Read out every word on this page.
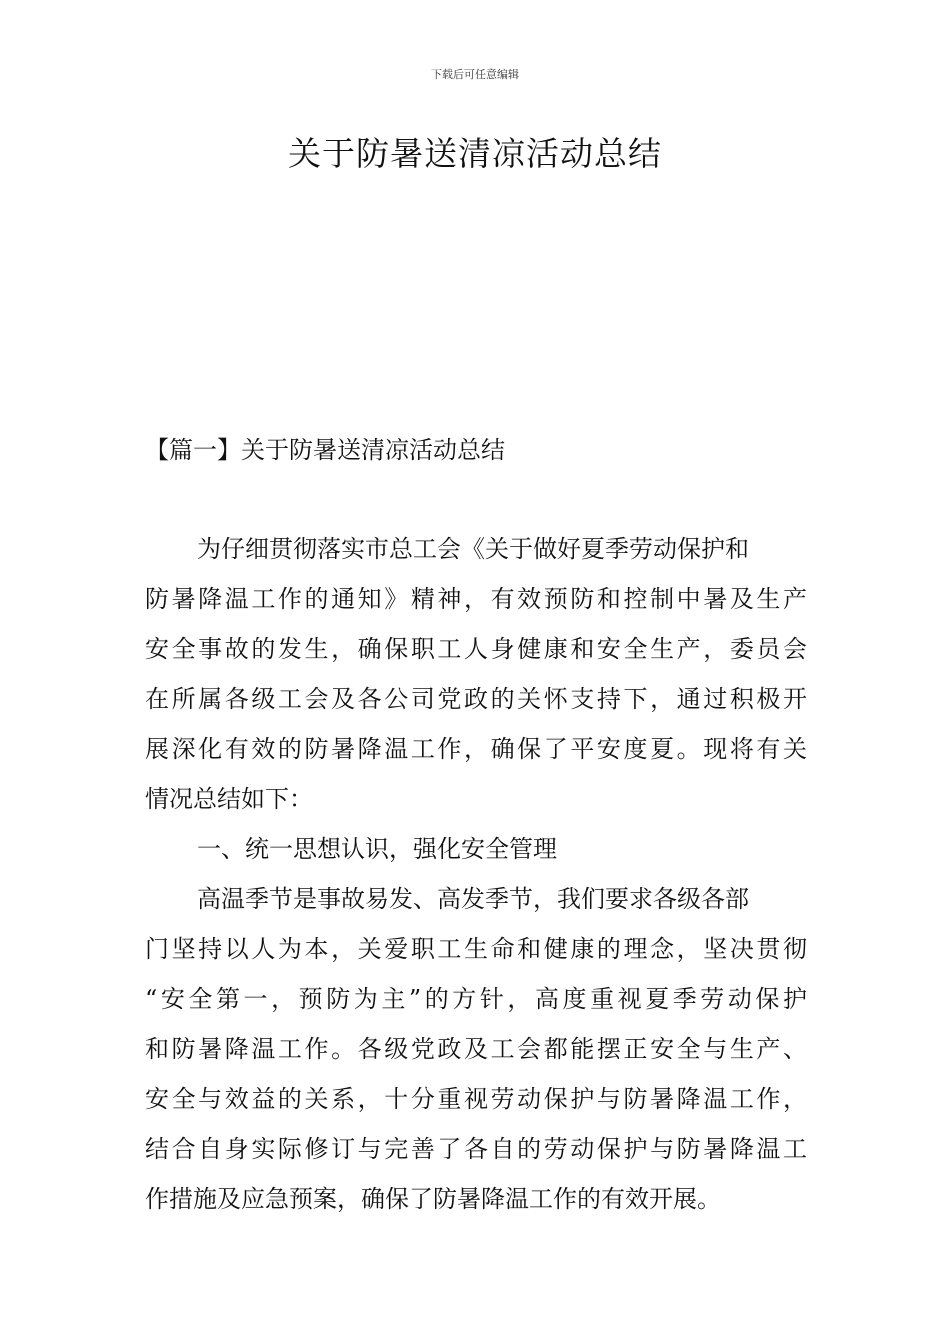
下载后可任意编辑
关于防暑送清凉活动总结
【篇一】关于防暑送清凉活动总结
为仔细贯彻落实市总工会《关于做好夏季劳动保护和
防暑降温工作的通知》精神，有效预防和控制中暑及生产
安全事故的发生，确保职工人身健康和安全生产，委员会
在所属各级工会及各公司党政的关怀支持下，通过积极开
展深化有效的防暑降温工作，确保了平安度夏。现将有关
情况总结如下：
一、统一思想认识，强化安全管理
高温季节是事故易发、高发季节，我们要求各级各部
门坚持以人为本，关爱职工生命和健康的理念，坚决贯彻
“安全第一，预防为主”的方针，高度重视夏季劳动保护
和防暑降温工作。各级党政及工会都能摆正安全与生产、
安全与效益的关系，十分重视劳动保护与防暑降温工作，
结合自身实际修订与完善了各自的劳动保护与防暑降温工
作措施及应急预案，确保了防暑降温工作的有效开展。
